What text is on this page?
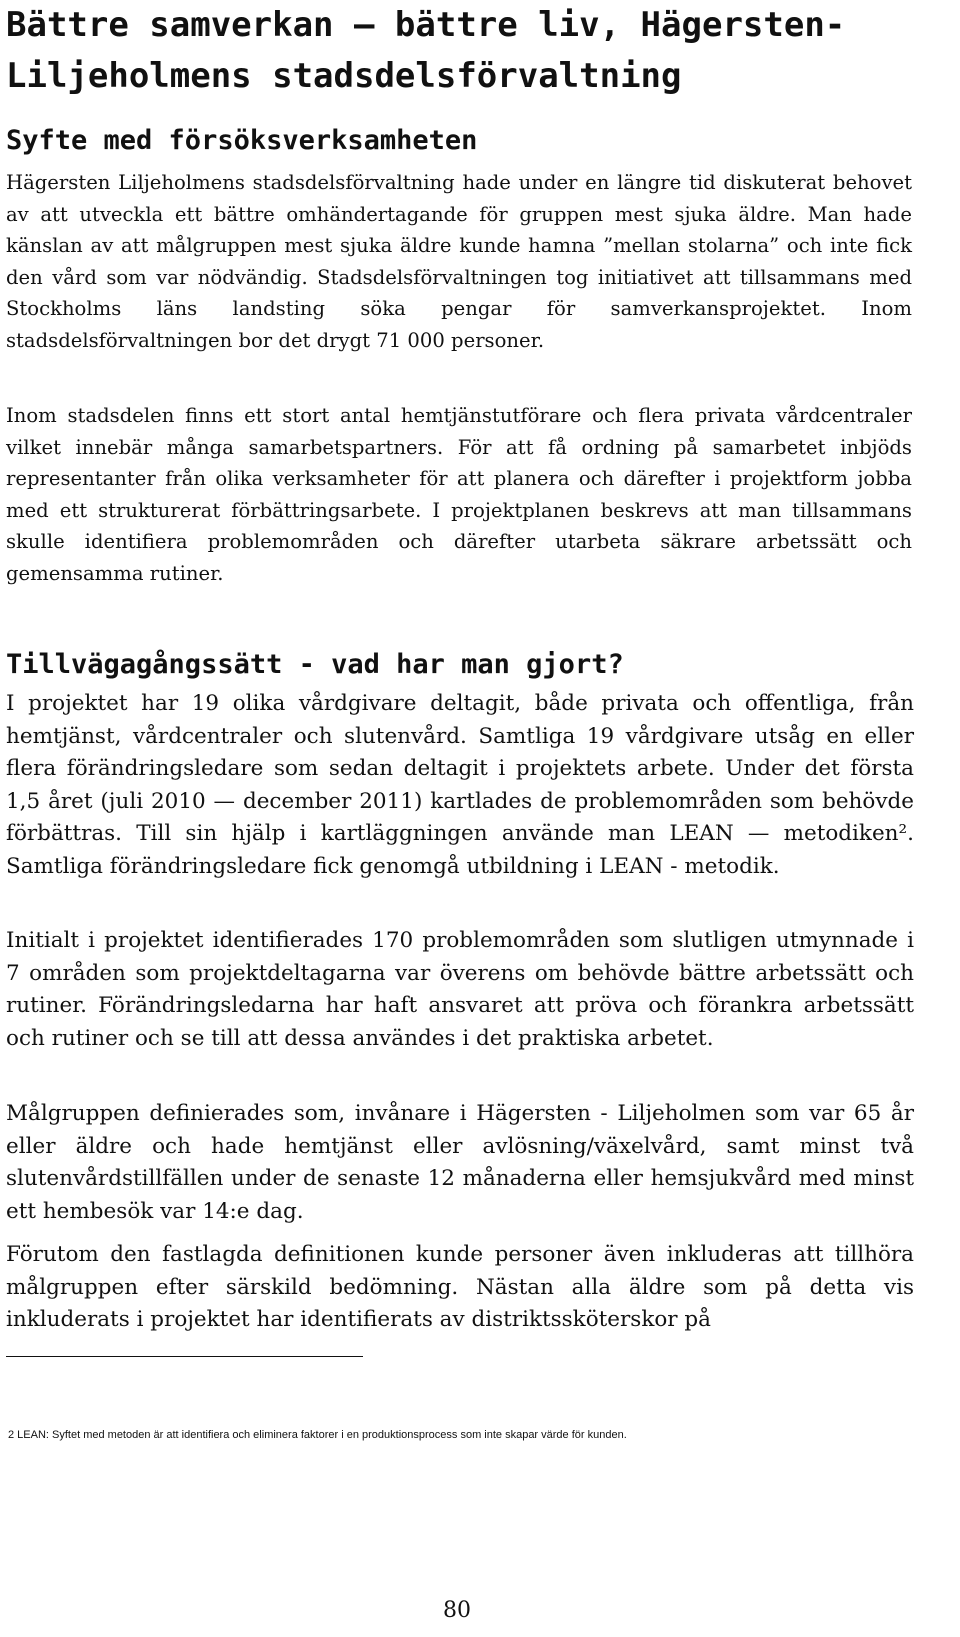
Bättre samverkan – bättre liv, Hägersten-Liljeholmens stadsdelsförvaltning
Syfte med försöksverksamheten

Hägersten Liljeholmens stadsdelsförvaltning hade under en längre tid diskuterat behovet av att utveckla ett bättre omhändertagande för gruppen mest sjuka äldre. Man hade känslan av att målgruppen mest sjuka äldre kunde hamna ”mellan stolarna” och inte fick den vård som var nödvändig. Stadsdelsförvaltningen tog initiativet att tillsammans med Stockholms läns landsting söka pengar för samverkansprojektet. Inom stadsdelsförvaltningen bor det drygt 71 000 personer.

Inom stadsdelen finns ett stort antal hemtjänstutförare och flera privata vårdcentraler vilket innebär många samarbetspartners. För att få ordning på samarbetet inbjöds representanter från olika verksamheter för att planera och därefter i projektform jobba med ett strukturerat förbättringsarbete. I projektplanen beskrevs att man tillsammans skulle identifiera problemområden och därefter utarbeta säkrare arbetssätt och gemensamma rutiner.

Tillvägagångssätt - vad har man gjort?

I projektet har 19 olika vårdgivare deltagit, både privata och offentliga, från hemtjänst, vårdcentraler och slutenvård. Samtliga 19 vårdgivare utsåg en eller flera förändringsledare som sedan deltagit i projektets arbete. Under det första 1,5 året (juli 2010 — december 2011) kartlades de problemområden som behövde förbättras. Till sin hjälp i kartläggningen använde man LEAN — metodiken². Samtliga förändringsledare fick genomgå utbildning i LEAN - metodik.

Initialt i projektet identifierades 170 problemområden som slutligen utmynnade i 7 områden som projektdeltagarna var överens om behövde bättre arbetssätt och rutiner. Förändringsledarna har haft ansvaret att pröva och förankra arbetssätt och rutiner och se till att dessa användes i det praktiska arbetet.

Målgruppen definierades som, invånare i Hägersten - Liljeholmen som var 65 år eller äldre och hade hemtjänst eller avlösning/växelvård, samt minst två slutenvårdstillfällen under de senaste 12 månaderna eller hemsjukvård med minst ett hembesök var 14:e dag.

Förutom den fastlagda definitionen kunde personer även inkluderas att tillhöra målgruppen efter särskild bedömning. Nästan alla äldre som på detta vis inkluderats i projektet har identifierats av distriktssköterskor på

2 LEAN: Syftet med metoden är att identifiera och eliminera faktorer i en produktionsprocess som inte skapar värde för kunden.
80
